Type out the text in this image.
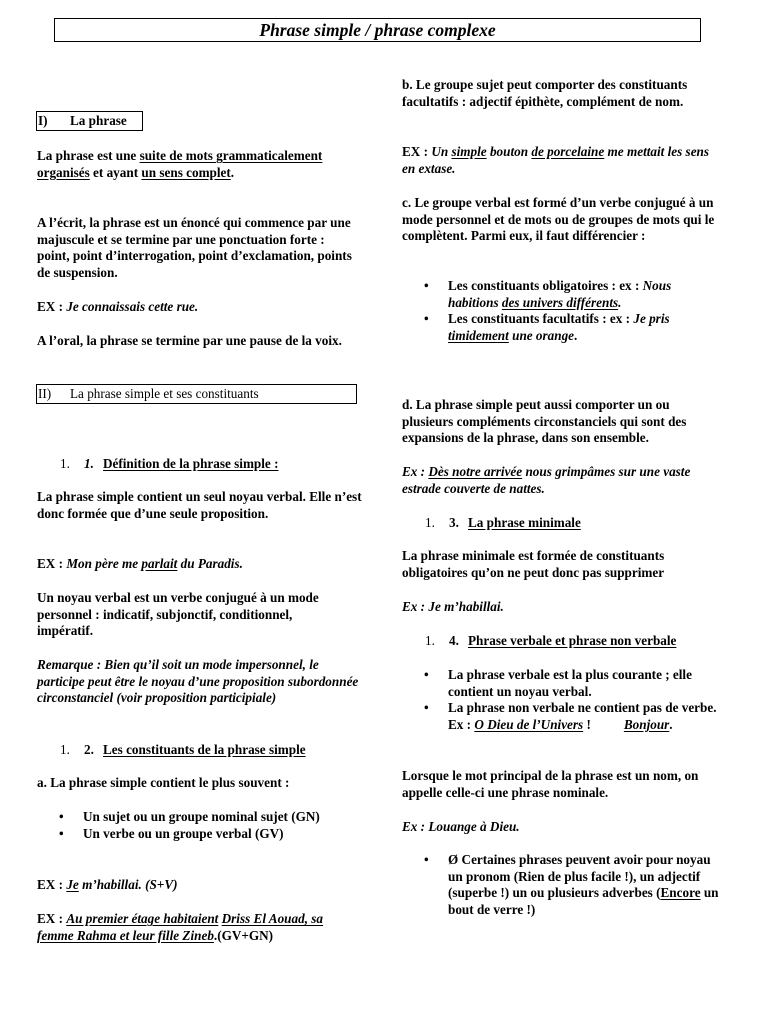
Phrase simple / phrase complexe
I) La phrase

La phrase est une suite de mots grammaticalement organisés et ayant un sens complet.

A l’écrit, la phrase est un énoncé qui commence par une majuscule et se termine par une ponctuation forte : point, point d’interrogation, point d’exclamation, points de suspension.

EX : Je connaissais cette rue.

A l’oral, la phrase se termine par une pause de la voix.

II) La phrase simple et ses constituants
1. 1. Définition de la phrase simple :

La phrase simple contient un seul noyau verbal. Elle n’est donc formée que d’une seule proposition.

EX : Mon père me parlait du Paradis.

Un noyau verbal est un verbe conjugué à un mode personnel : indicatif, subjonctif, conditionnel, impératif.

Remarque : Bien qu’il soit un mode impersonnel, le participe peut être le noyau d’une proposition subordonnée circonstanciel (voir proposition participiale)

1. 2. Les constituants de la phrase simple

a. La phrase simple contient le plus souvent :

• Un sujet ou un groupe nominal sujet (GN)
• Un verbe ou un groupe verbal (GV)

EX : Je m’habillai. (S+V)

EX : Au premier étage habitaient Driss El Aouad, sa femme Rahma et leur fille Zineb.(GV+GN)

b. Le groupe sujet peut comporter des constituants facultatifs : adjectif épithète, complément de nom.

EX : Un simple bouton de porcelaine me mettait les sens en extase.

c. Le groupe verbal est formé d’un verbe conjugué à un mode personnel et de mots ou de groupes de mots qui le complètent. Parmi eux, il faut différencier :

• Les constituants obligatoires : ex : Nous habitions des univers différents.
• Les constituants facultatifs : ex : Je pris timidement une orange.

d. La phrase simple peut aussi comporter un ou plusieurs compléments circonstanciels qui sont des expansions de la phrase, dans son ensemble.

Ex : Dès notre arrivée nous grimpâmes sur une vaste estrade couverte de nattes.

1. 3. La phrase minimale

La phrase minimale est formée de constituants obligatoires qu’on ne peut donc pas supprimer

Ex : Je m’habillai.

1. 4. Phrase verbale et phrase non verbale
• La phrase verbale est la plus courante ; elle contient un noyau verbal.
• La phrase non verbale ne contient pas de verbe. Ex : O Dieu de l’Univers !          Bonjour.

Lorsque le mot principal de la phrase est un nom, on appelle celle-ci une phrase nominale.

Ex : Louange à Dieu.

• Ø Certaines phrases peuvent avoir pour noyau un pronom (Rien de plus facile !), un adjectif (superbe !) un ou plusieurs adverbes (Encore un bout de verre !)
